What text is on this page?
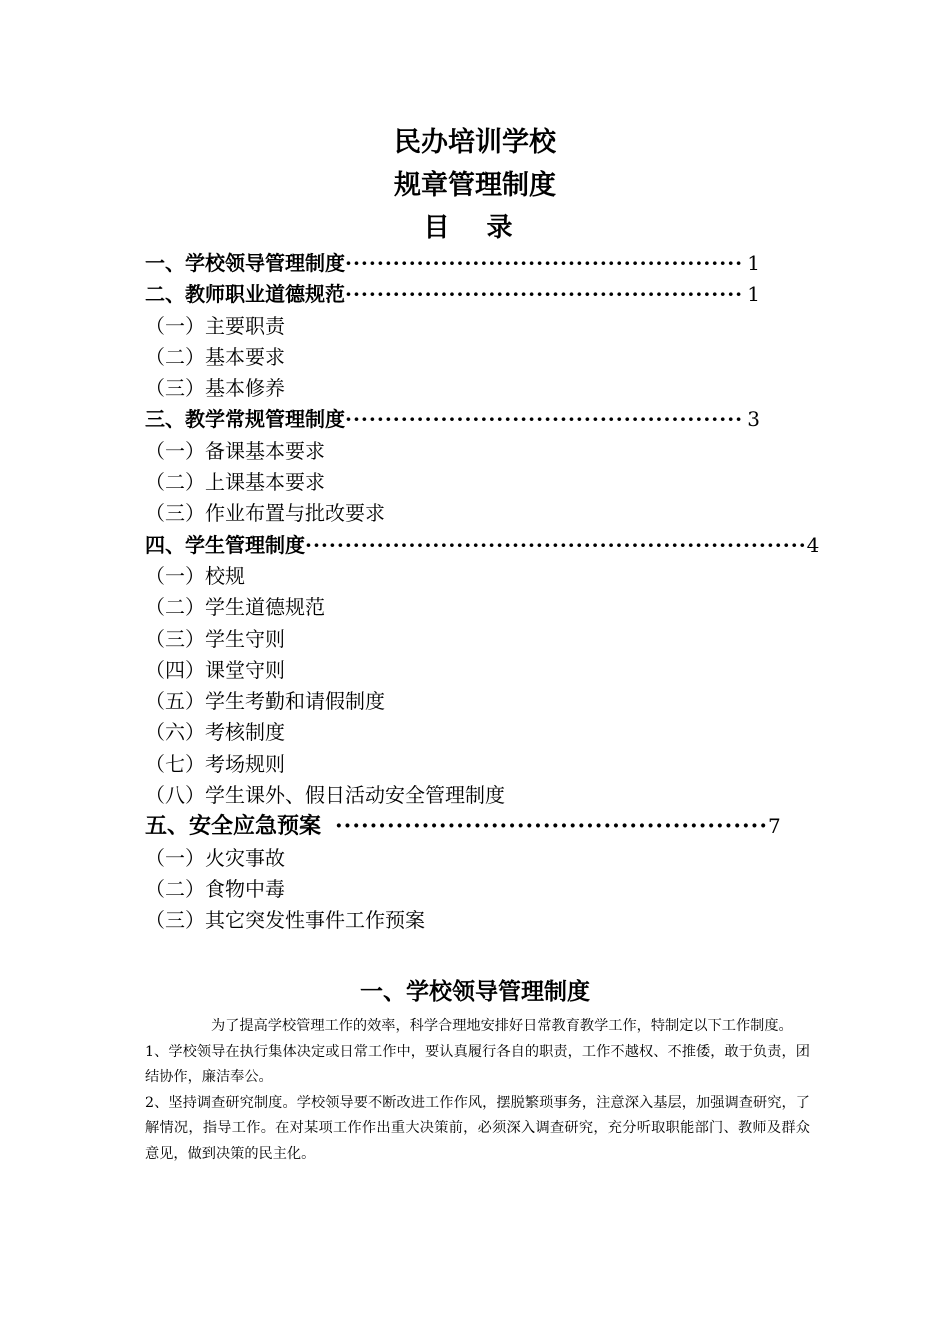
民办培训学校
规章管理制度
目 录
一、学校领导管理制度 ·················································· 1
二、教师职业道德规范 ·················································· 1
（一）主要职责
（二）基本要求
（三）基本修养
三、教学常规管理制度 ·················································· 3
（一）备课基本要求
（二）上课基本要求
（三）作业布置与批改要求
四、学生管理制度 ······························································· 4
（一）校规
（二）学生道德规范
（三）学生守则
（四）课堂守则
（五）学生考勤和请假制度
（六）考核制度
（七）考场规则
（八）学生课外、假日活动安全管理制度
五、安全应急预案 ·················································· 7
（一）火灾事故
（二）食物中毒
（三）其它突发性事件工作预案
一、学校领导管理制度

为了提高学校管理工作的效率，科学合理地安排好日常教育教学工作，特制定以下工作制度。

1、学校领导在执行集体决定或日常工作中，要认真履行各自的职责，工作不越权、不推倭，敢于负责，团结协作，廉洁奉公。

2、坚持调查研究制度。学校领导要不断改进工作作风，摆脱繁琐事务，注意深入基层，加强调查研究，了解情况，指导工作。在对某项工作作出重大决策前，必须深入调查研究，充分听取职能部门、教师及群众意见，做到决策的民主化。
